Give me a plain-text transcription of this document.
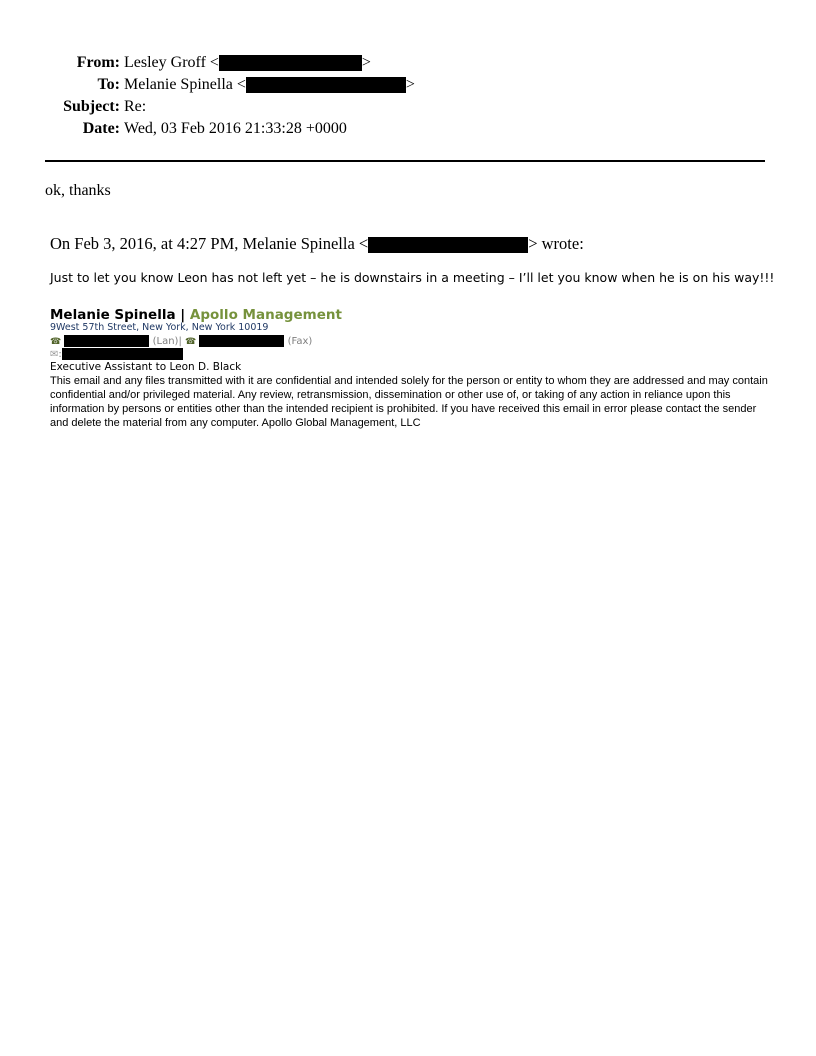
From: Lesley Groff <	>
To: Melanie Spinella <	>
Subject: Re:
Date: Wed, 03 Feb 2016 21:33:28 +0000
ok, thanks
On Feb 3, 2016, at 4:27 PM, Melanie Spinella <	> wrote:
Just to let you know Leon has not left yet – he is downstairs in a meeting – I’ll let you know when he is on his way!!!
Melanie Spinella | Apollo Management
9West 57th Street, New York, New York 10019
☎	(Lan)| ☎	(Fax)
✉:
Executive Assistant to Leon D. Black
This email and any files transmitted with it are confidential and intended solely for the person or entity to whom they are addressed and may contain confidential and/or privileged material. Any review, retransmission, dissemination or other use of, or taking of any action in reliance upon this information by persons or entities other than the intended recipient is prohibited. If you have received this email in error please contact the sender and delete the material from any computer. Apollo Global Management, LLC
